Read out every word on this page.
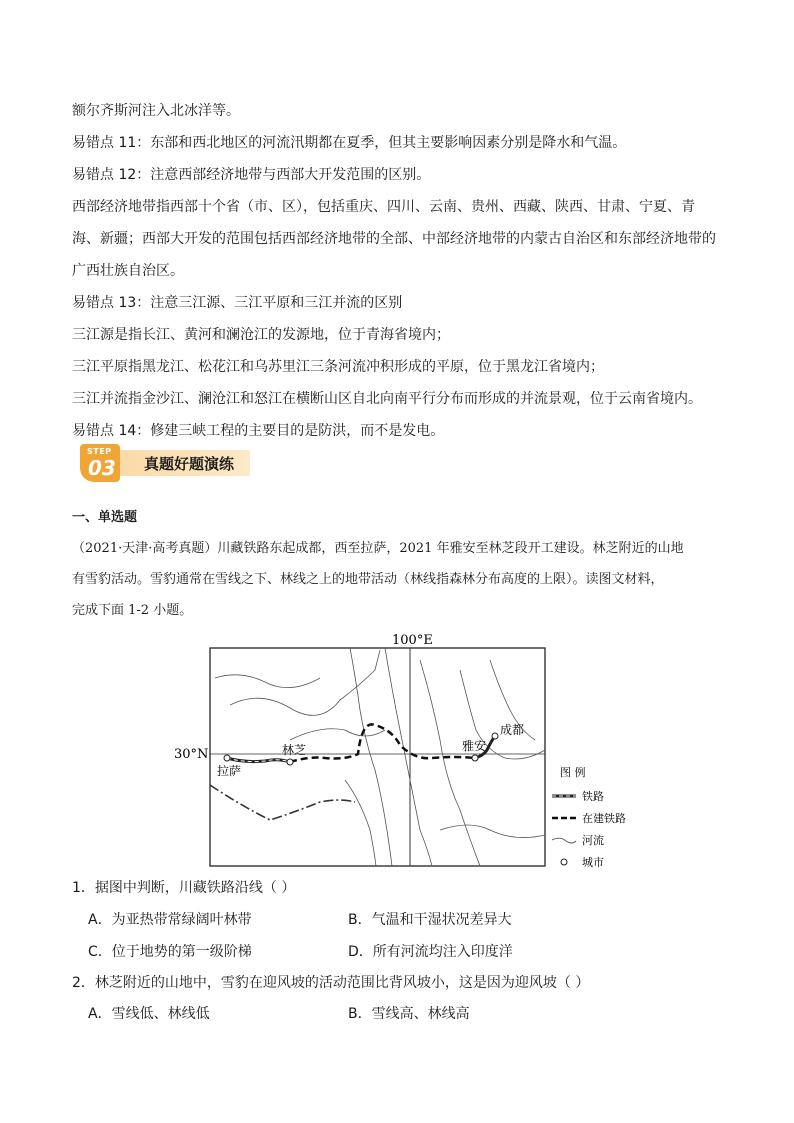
额尔齐斯河注入北冰洋等。
易错点 11：东部和西北地区的河流汛期都在夏季，但其主要影响因素分别是降水和气温。
易错点 12：注意西部经济地带与西部大开发范围的区别。
西部经济地带指西部十个省（市、区），包括重庆、四川、云南、贵州、西藏、陕西、甘肃、宁夏、青
海、新疆；西部大开发的范围包括西部经济地带的全部、中部经济地带的内蒙古自治区和东部经济地带的
广西壮族自治区。
易错点 13：注意三江源、三江平原和三江并流的区别
三江源是指长江、黄河和澜沧江的发源地，位于青海省境内；
三江平原指黑龙江、松花江和乌苏里江三条河流冲积形成的平原，位于黑龙江省境内；
三江并流指金沙江、澜沧江和怒江在横断山区自北向南平行分布而形成的并流景观，位于云南省境内。
易错点 14：修建三峡工程的主要目的是防洪，而不是发电。
真题好题演练
STEP
03
一、单选题
（2021·天津·高考真题）川藏铁路东起成都，西至拉萨，2021 年雅安至林芝段开工建设。林芝附近的山地
有雪豹活动。雪豹通常在雪线之下、林线之上的地带活动（林线指森林分布高度的上限）。读图文材料，
完成下面 1-2 小题。
100°E
30°N
拉萨
林芝	雅安
成都
图 例
铁路
在建铁路
河流
城市
1．据图中判断，川藏铁路沿线（ ）
A．为亚热带常绿阔叶林带	B．气温和干湿状况差异大
C．位于地势的第一级阶梯	D．所有河流均注入印度洋
2．林芝附近的山地中，雪豹在迎风坡的活动范围比背风坡小，这是因为迎风坡（ ）
A．雪线低、林线低	B．雪线高、林线高
